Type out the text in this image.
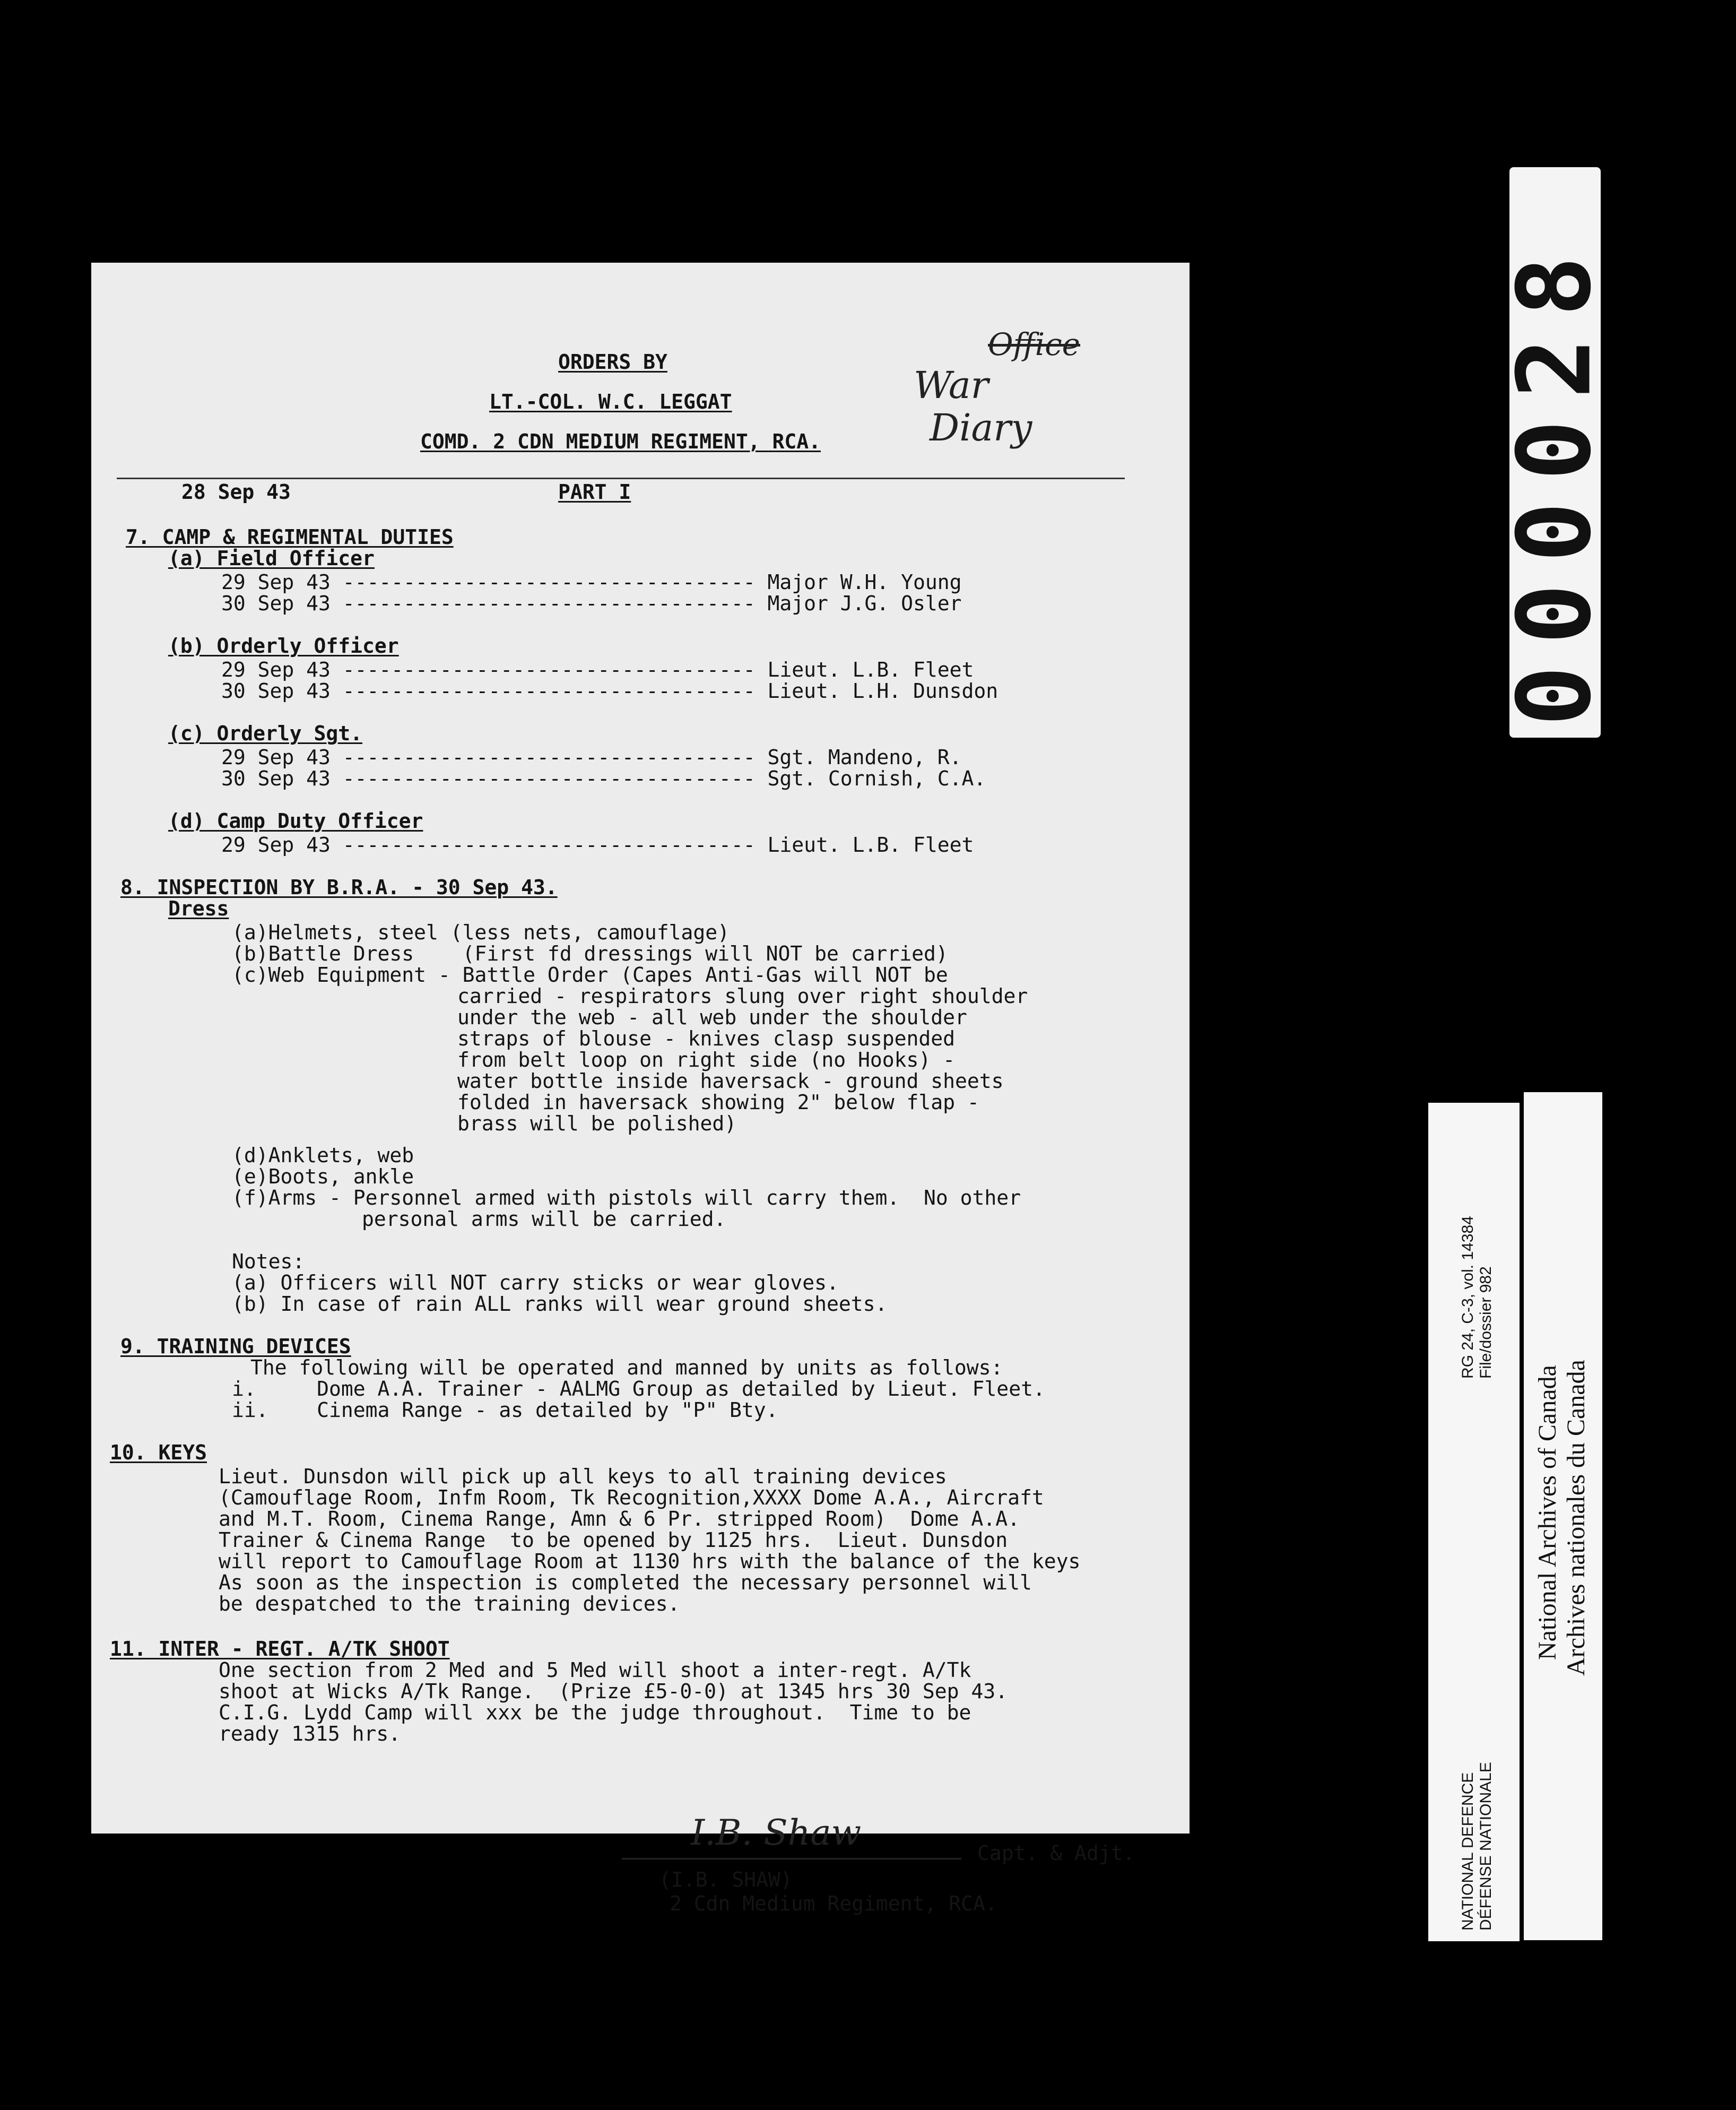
ORDERS BY
LT.-COL. W.C. LEGGAT
COMD. 2 CDN MEDIUM REGIMENT, RCA.
Office
War
Diary
28 Sep 43	PART I
7. CAMP & REGIMENTAL DUTIES
(a) Field Officer
29 Sep 43 ---------------------------------- Major W.H. Young
30 Sep 43 ---------------------------------- Major J.G. Osler
(b) Orderly Officer
29 Sep 43 ---------------------------------- Lieut. L.B. Fleet
30 Sep 43 ---------------------------------- Lieut. L.H. Dunsdon
(c) Orderly Sgt.
29 Sep 43 ---------------------------------- Sgt. Mandeno, R.
30 Sep 43 ---------------------------------- Sgt. Cornish, C.A.
(d) Camp Duty Officer
29 Sep 43 ---------------------------------- Lieut. L.B. Fleet
8. INSPECTION BY B.R.A. - 30 Sep 43.
Dress
(a)Helmets, steel (less nets, camouflage)
(b)Battle Dress    (First fd dressings will NOT be carried)
(c)Web Equipment - Battle Order (Capes Anti-Gas will NOT be
carried - respirators slung over right shoulder
under the web - all web under the shoulder
straps of blouse - knives clasp suspended
from belt loop on right side (no Hooks) -
water bottle inside haversack - ground sheets
folded in haversack showing 2" below flap -
brass will be polished)
(d)Anklets, web
(e)Boots, ankle
(f)Arms - Personnel armed with pistols will carry them.  No other
personal arms will be carried.
Notes:
(a) Officers will NOT carry sticks or wear gloves.
(b) In case of rain ALL ranks will wear ground sheets.
9. TRAINING DEVICES
The following will be operated and manned by units as follows:
i.     Dome A.A. Trainer - AALMG Group as detailed by Lieut. Fleet.
ii.    Cinema Range - as detailed by "P" Bty.
10. KEYS
Lieut. Dunsdon will pick up all keys to all training devices
(Camouflage Room, Infm Room, Tk Recognition,XXXX Dome A.A., Aircraft
and M.T. Room, Cinema Range, Amn & 6 Pr. stripped Room)  Dome A.A.
Trainer & Cinema Range  to be opened by 1125 hrs.  Lieut. Dunsdon
will report to Camouflage Room at 1130 hrs with the balance of the keys
As soon as the inspection is completed the necessary personnel will
be despatched to the training devices.
11. INTER - REGT. A/TK SHOOT
One section from 2 Med and 5 Med will shoot a inter-regt. A/Tk
shoot at Wicks A/Tk Range.  (Prize £5-0-0) at 1345 hrs 30 Sep 43.
C.I.G. Lydd Camp will xxx be the judge throughout.  Time to be
ready 1315 hrs.
I.B. Shaw	Capt. & Adjt.
(I.B. SHAW)
2 Cdn Medium Regiment, RCA.
000028
RG 24, C-3, vol. 14384 File/dossier 982
NATIONAL DEFENCE DÉFENSE NATIONALE
National Archives of Canada Archives nationales du Canada
